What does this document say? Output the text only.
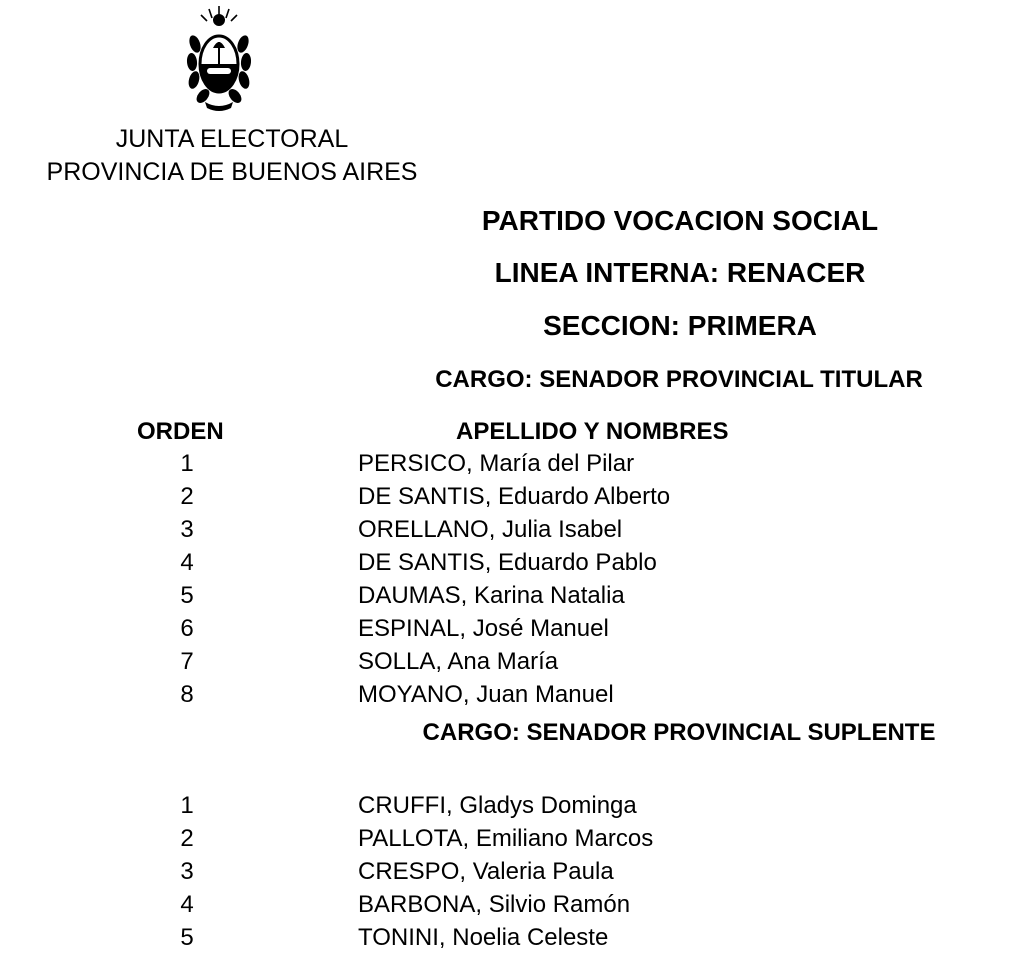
JUNTA ELECTORAL
PROVINCIA DE BUENOS AIRES
PARTIDO VOCACION SOCIAL
LINEA INTERNA: RENACER
SECCION: PRIMERA
CARGO: SENADOR PROVINCIAL TITULAR
ORDEN	APELLIDO Y NOMBRES
1	PERSICO, María del Pilar
2	DE SANTIS, Eduardo Alberto
3	ORELLANO, Julia Isabel
4	DE SANTIS, Eduardo Pablo
5	DAUMAS, Karina Natalia
6	ESPINAL, José Manuel
7	SOLLA, Ana María
8	MOYANO, Juan Manuel
CARGO: SENADOR PROVINCIAL SUPLENTE
1	CRUFFI, Gladys Dominga
2	PALLOTA, Emiliano Marcos
3	CRESPO, Valeria Paula
4	BARBONA, Silvio Ramón
5	TONINI, Noelia Celeste
